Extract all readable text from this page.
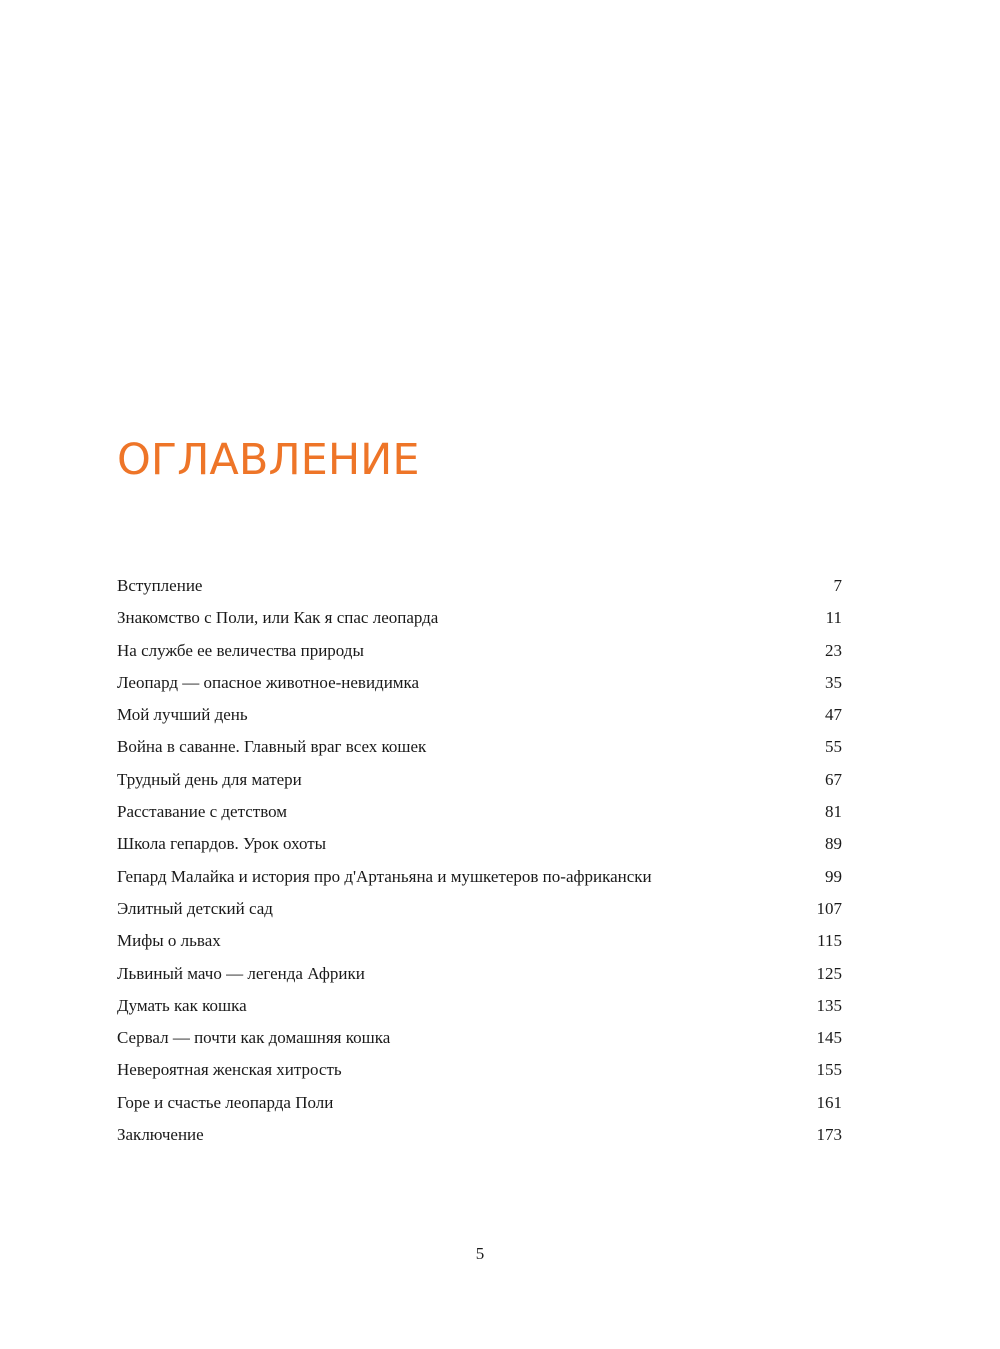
ОГЛАВЛЕНИЕ
Вступление	7
Знакомство с Поли, или Как я спас леопарда	11
На службе ее величества природы	23
Леопард — опасное животное-невидимка	35
Мой лучший день	47
Война в саванне. Главный враг всех кошек	55
Трудный день для матери	67
Расставание с детством	81
Школа гепардов. Урок охоты	89
Гепард Малайка и история про д'Артаньяна и мушкетеров по-африкански	99
Элитный детский сад	107
Мифы о львах	115
Львиный мачо — легенда Африки	125
Думать как кошка	135
Сервал — почти как домашняя кошка	145
Невероятная женская хитрость	155
Горе и счастье леопарда Поли	161
Заключение	173
5
